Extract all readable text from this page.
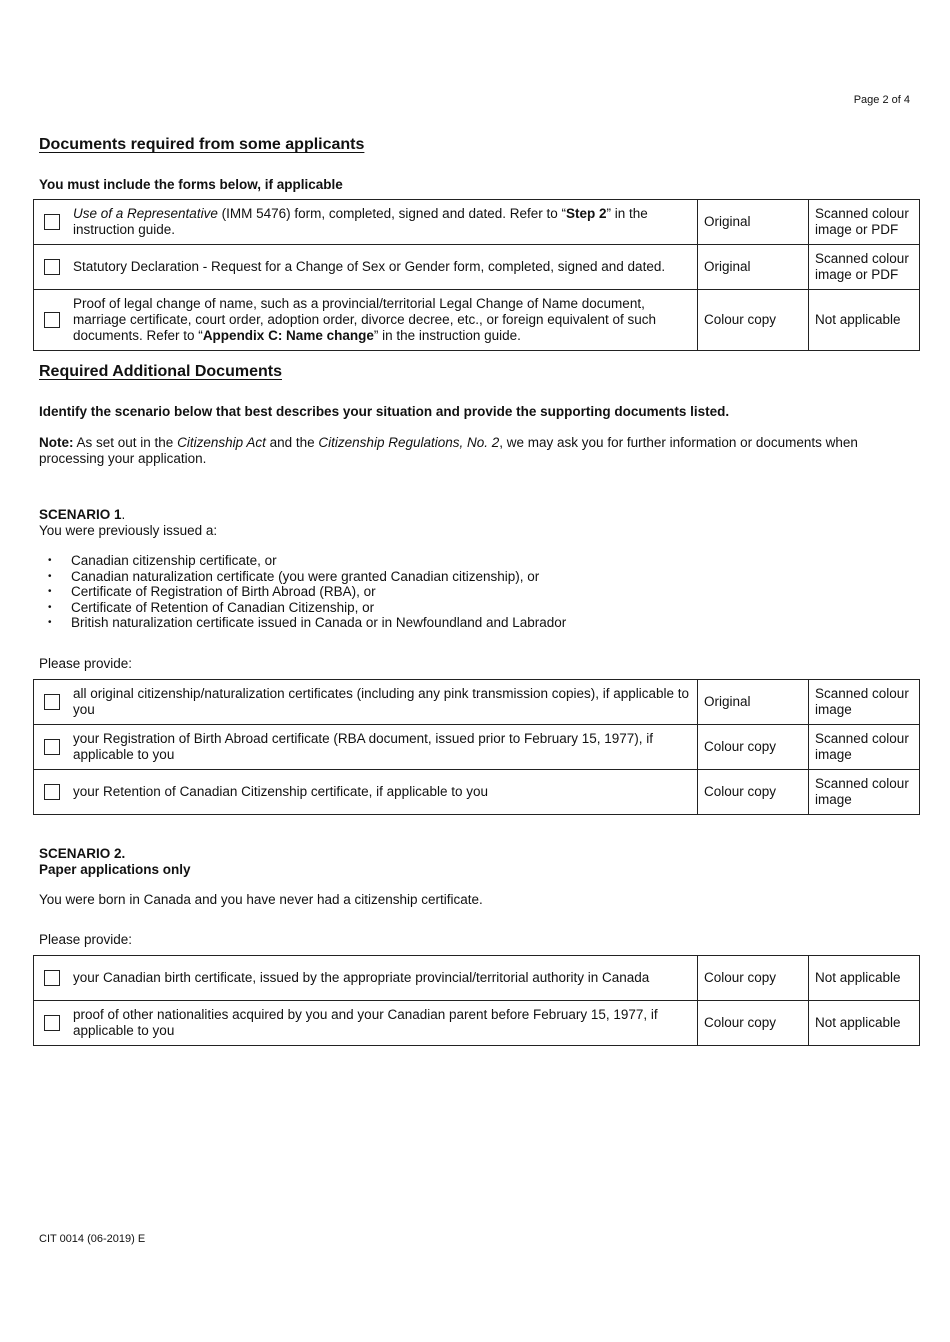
Page 2 of 4
Documents required from some applicants
You must include the forms below, if applicable
Use of a Representative (IMM 5476) form, completed, signed and dated. Refer to “Step 2” in the instruction guide.	Original	Scanned colour image or PDF

Statutory Declaration - Request for a Change of Sex or Gender form, completed, signed and dated.	Original	Scanned colour image or PDF

Proof of legal change of name, such as a provincial/territorial Legal Change of Name document, marriage certificate, court order, adoption order, divorce decree, etc., or foreign equivalent of such documents. Refer to “Appendix C: Name change” in the instruction guide.	Colour copy	Not applicable
Required Additional Documents
Identify the scenario below that best describes your situation and provide the supporting documents listed.
Note: As set out in the Citizenship Act and the Citizenship Regulations, No. 2, we may ask you for further information or documents when processing your application.
SCENARIO 1.
You were previously issued a:
• Canadian citizenship certificate, or
• Canadian naturalization certificate (you were granted Canadian citizenship), or
• Certificate of Registration of Birth Abroad (RBA), or
• Certificate of Retention of Canadian Citizenship, or
• British naturalization certificate issued in Canada or in Newfoundland and Labrador
Please provide:
all original citizenship/naturalization certificates (including any pink transmission copies), if applicable to you	Original	Scanned colour image

your Registration of Birth Abroad certificate (RBA document, issued prior to February 15, 1977), if applicable to you	Colour copy	Scanned colour image

your Retention of Canadian Citizenship certificate, if applicable to you	Colour copy	Scanned colour image
SCENARIO 2.
Paper applications only
You were born in Canada and you have never had a citizenship certificate.
Please provide:
your Canadian birth certificate, issued by the appropriate provincial/territorial authority in Canada	Colour copy	Not applicable

proof of other nationalities acquired by you and your Canadian parent before February 15, 1977, if applicable to you	Colour copy	Not applicable
CIT 0014 (06-2019) E
